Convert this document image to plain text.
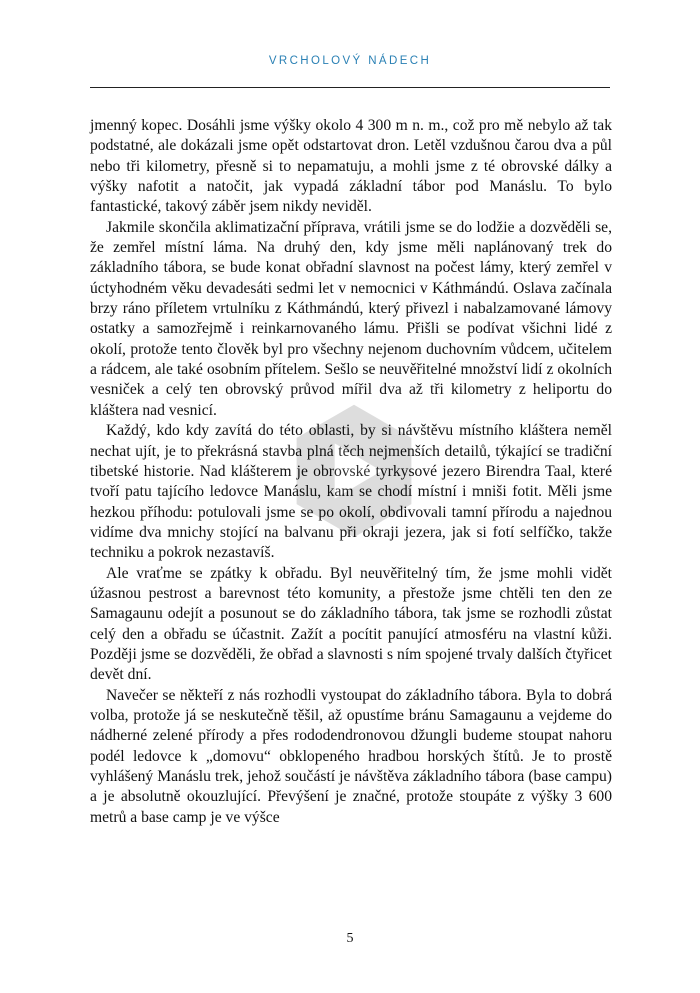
VRCHOLOVÝ NÁDECH

jmenný kopec. Dosáhli jsme výšky okolo 4 300 m n. m., což pro mě nebylo až tak podstatné, ale dokázali jsme opět odstartovat dron. Letěl vzdušnou čarou dva a půl nebo tři kilometry, přesně si to nepamatuju, a mohli jsme z té obrovské dálky a výšky nafotit a natočit, jak vypadá základní tábor pod Manáslu. To bylo fantastické, takový záběr jsem nikdy neviděl.

Jakmile skončila aklimatizační příprava, vrátili jsme se do lodžie a dozvěděli se, že zemřel místní láma. Na druhý den, kdy jsme měli naplánovaný trek do základního tábora, se bude konat obřadní slavnost na počest lámy, který zemřel v úctyhodném věku devadesáti sedmi let v nemocnici v Káthmándú. Oslava začínala brzy ráno příletem vrtulníku z Káthmándú, který přivezl i nabalzamované lámovy ostatky a samozřejmě i reinkarnovaného lámu. Přišli se podívat všichni lidé z okolí, protože tento člověk byl pro všechny nejenom duchovním vůdcem, učitelem a rádcem, ale také osobním přítelem. Sešlo se neuvěřitelné množství lidí z okolních vesniček a celý ten obrovský průvod mířil dva až tři kilometry z heliportu do kláštera nad vesnicí.

Každý, kdo kdy zavítá do této oblasti, by si návštěvu místního kláštera neměl nechat ujít, je to překrásná stavba plná těch nejmenších detailů, týkající se tradiční tibetské historie. Nad klášterem je obrovské tyrkysové jezero Birendra Taal, které tvoří patu tajícího ledovce Manáslu, kam se chodí místní i mniši fotit. Měli jsme hezkou příhodu: potulovali jsme se po okolí, obdivovali tamní přírodu a najednou vidíme dva mnichy stojící na balvanu při okraji jezera, jak si fotí selfíčko, takže techniku a pokrok nezastavíš.

Ale vraťme se zpátky k obřadu. Byl neuvěřitelný tím, že jsme mohli vidět úžasnou pestrost a barevnost této komunity, a přestože jsme chtěli ten den ze Samagaunu odejít a posunout se do základního tábora, tak jsme se rozhodli zůstat celý den a obřadu se účastnit. Zažít a pocítit panující atmosféru na vlastní kůži. Později jsme se dozvěděli, že obřad a slavnosti s ním spojené trvaly dalších čtyřicet devět dní.

Navečer se někteří z nás rozhodli vystoupat do základního tábora. Byla to dobrá volba, protože já se neskutečně těšil, až opustíme bránu Samagaunu a vejdeme do nádherné zelené přírody a přes rododendronovou džungli budeme stoupat nahoru podél ledovce k „domovu“ obklopeného hradbou horských štítů. Je to prostě vyhlášený Manáslu trek, jehož součástí je návštěva základního tábora (base campu) a je absolutně okouzlující. Převýšení je značné, protože stoupáte z výšky 3 600 metrů a base camp je ve výšce

5
